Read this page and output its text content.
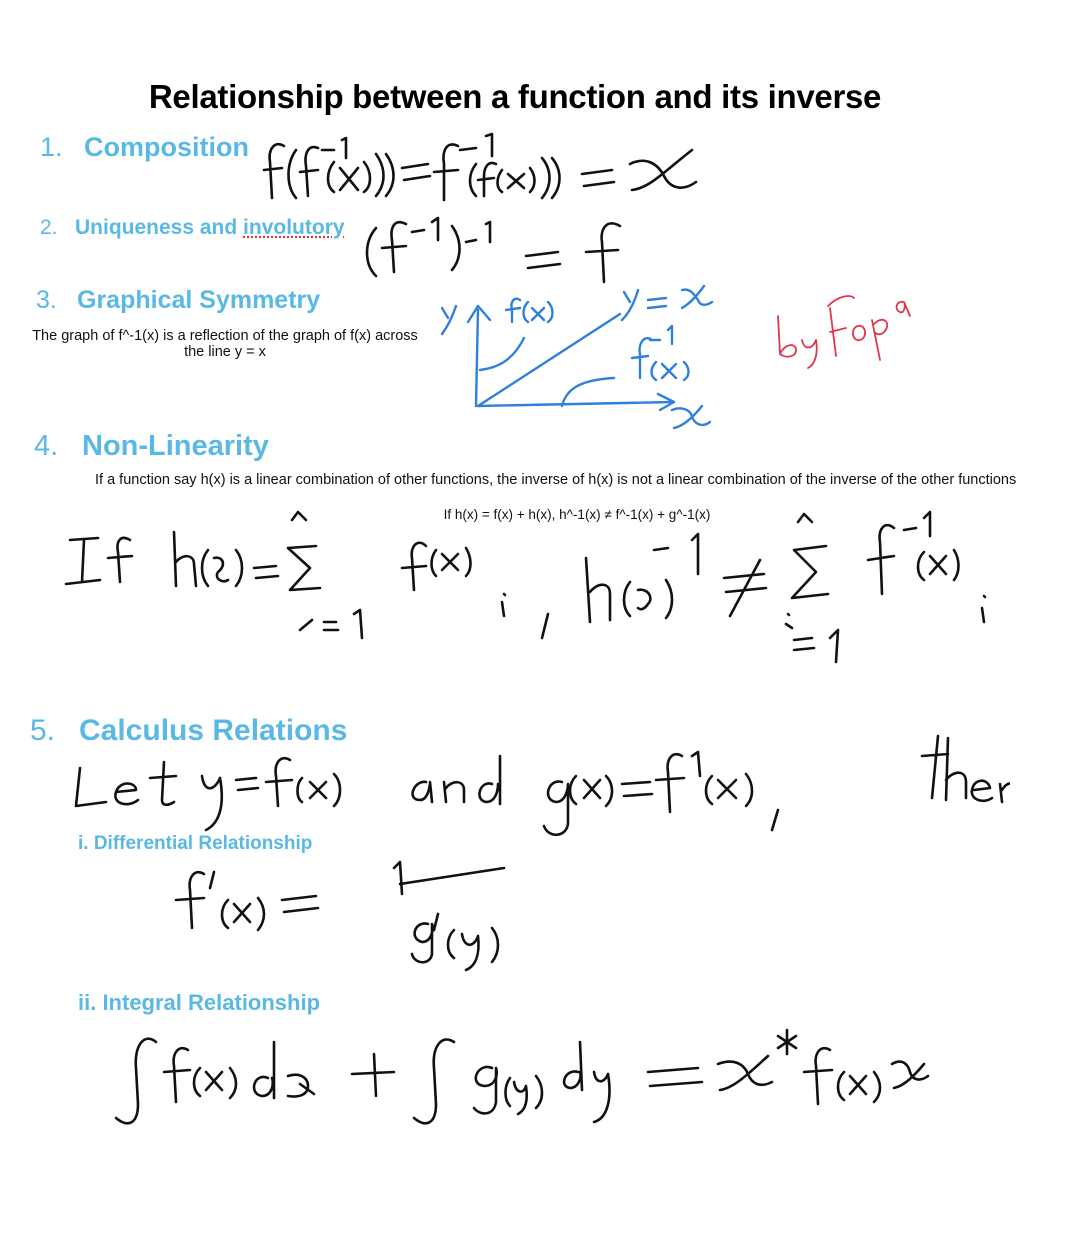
Relationship between a function and its inverse
1. Composition
2. Uniqueness and involutory
3. Graphical Symmetry
The graph of f^-1(x) is a reflection of the graph of f(x) across
the line y = x
4. Non-Linearity
If a function say h(x) is a linear combination of other functions, the inverse of h(x) is not a linear combination of the inverse of the other functions
If h(x) = f(x) + h(x), h^-1(x) ≠ f^-1(x) + g^-1(x)
5. Calculus Relations
i. Differential Relationship
ii. Integral Relationship
